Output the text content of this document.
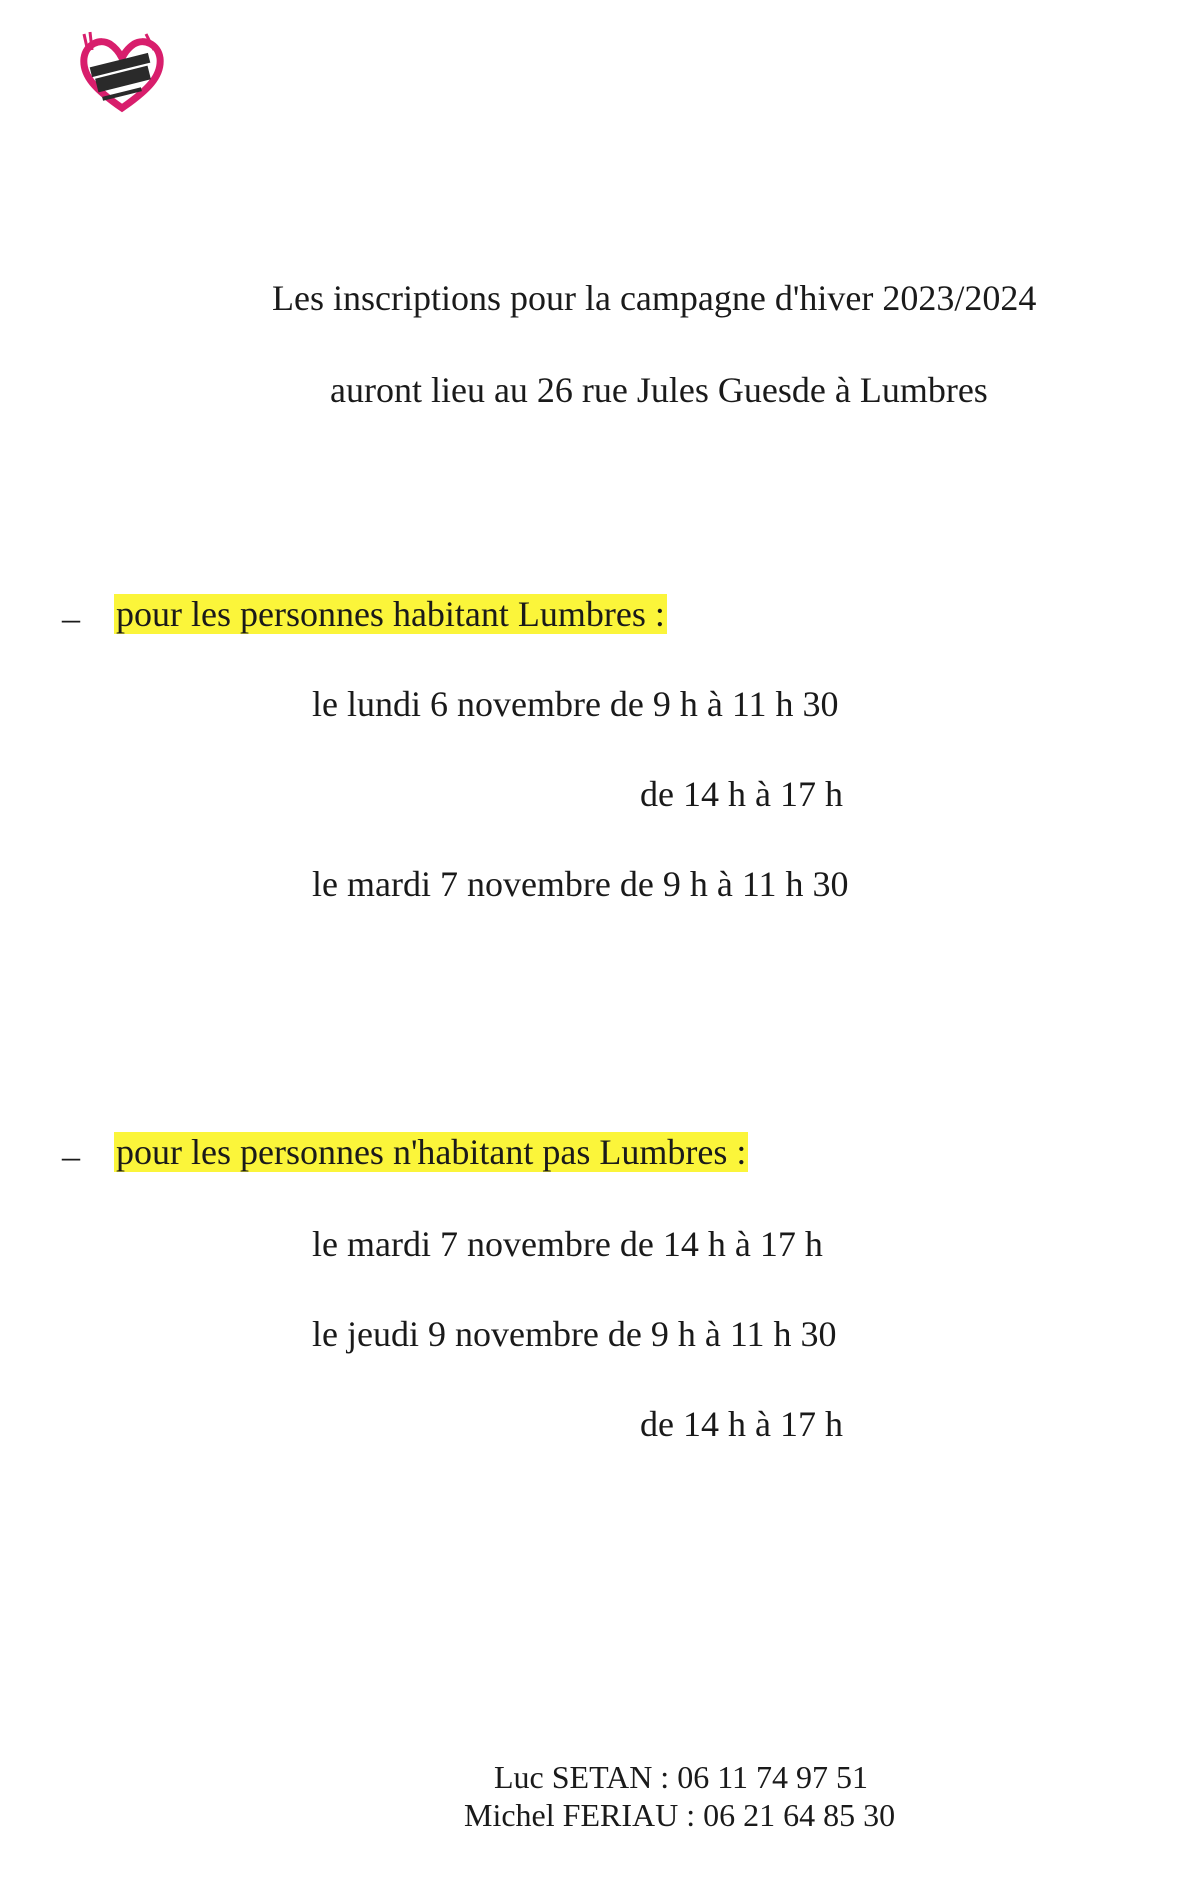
Les inscriptions pour la campagne d'hiver 2023/2024
auront lieu au 26 rue Jules Guesde à Lumbres
– pour les personnes habitant Lumbres :
le lundi 6 novembre de 9 h à 11 h 30
de 14 h à 17 h
le mardi 7 novembre de 9 h à 11 h 30
– pour les personnes n'habitant pas Lumbres :
le mardi 7 novembre de 14 h à 17 h
le jeudi 9 novembre de 9 h à 11 h 30
de 14 h à 17 h
Luc SETAN : 06 11 74 97 51
Michel FERIAU : 06 21 64 85 30
